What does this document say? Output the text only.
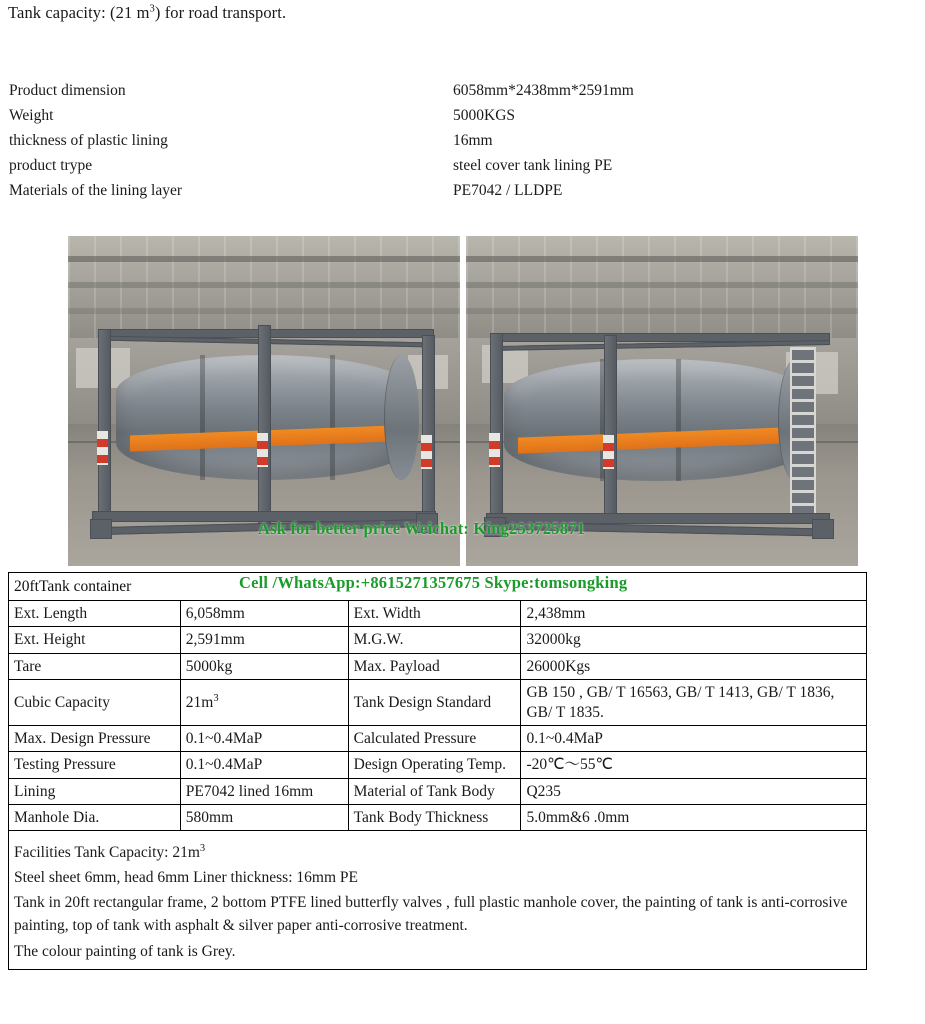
Tank capacity: (21 $m^3$) for road transport.
Product dimension	6058mm*2438mm*2591mm
Weight	5000KGS
thickness of plastic lining	16mm
product trype	steel cover tank lining PE
Materials of the lining layer	PE7042 / LLDPE
Ask for better price Weichat: King253725871
20ftTank container			
Ext. Length	6,058mm	Ext. Width	2,438mm
Ext. Height	2,591mm	M.G.W.	32000kg
Tare	5000kg	Max. Payload	26000Kgs
Cubic Capacity	$21m^3$	Tank Design Standard	GB 150 , GB/ T 16563, GB/ T 1413, GB/ T 1836, GB/ T 1835.
Max. Design Pressure	0.1~0.4MaP	Calculated Pressure	0.1~0.4MaP
Testing Pressure	0.1~0.4MaP	Design Operating Temp.	-20℃～55℃
Lining	PE7042 lined 16mm	Material of Tank Body	Q235
Manhole Dia.	580mm	Tank Body Thickness	5.0mm&6 .0mm

Facilities Tank Capacity: $21m^3$
Steel sheet 6mm, head 6mm Liner thickness: 16mm PE
Tank in 20ft rectangular frame, 2 bottom PTFE lined butterfly valves , full plastic manhole cover, the painting of tank is anti-corrosive painting, top of tank with asphalt & silver paper anti-corrosive treatment.
The colour painting of tank is Grey.			
Cell /WhatsApp:+8615271357675 Skype:tomsongking
